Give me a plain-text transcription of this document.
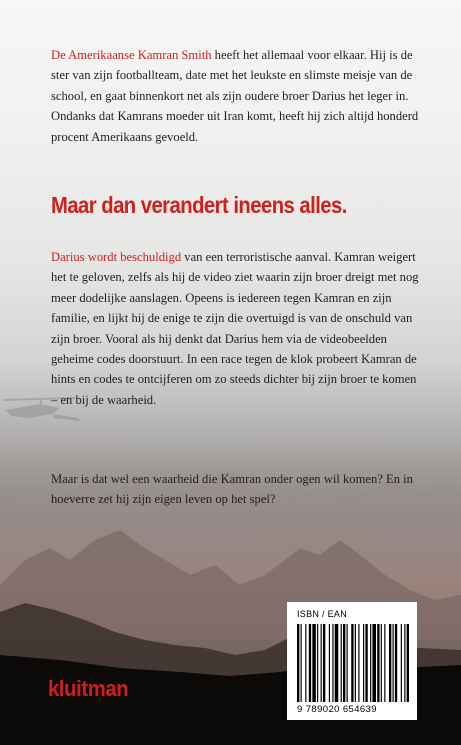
De Amerikaanse Kamran Smith heeft het allemaal voor elkaar. Hij is de ster van zijn footballteam, date met het leukste en slimste meisje van de school, en gaat binnenkort net als zijn oudere broer Darius het leger in. Ondanks dat Kamrans moeder uit Iran komt, heeft hij zich altijd honderd procent Amerikaans gevoeld.

Maar dan verandert ineens alles.

Darius wordt beschuldigd van een terroristische aanval. Kamran weigert het te geloven, zelfs als hij de video ziet waarin zijn broer dreigt met nog meer dodelijke aanslagen. Opeens is iedereen tegen Kamran en zijn familie, en lijkt hij de enige te zijn die overtuigd is van de onschuld van zijn broer. Vooral als hij denkt dat Darius hem via de videobeelden geheime codes doorstuurt. In een race tegen de klok probeert Kamran de hints en codes te ontcijferen om zo steeds dichter bij zijn broer te komen – en bij de waarheid.

Maar is dat wel een waarheid die Kamran onder ogen wil komen? En in hoeverre zet hij zijn eigen leven op het spel?

kluitman
ISBN / EAN
9 789020 654639
